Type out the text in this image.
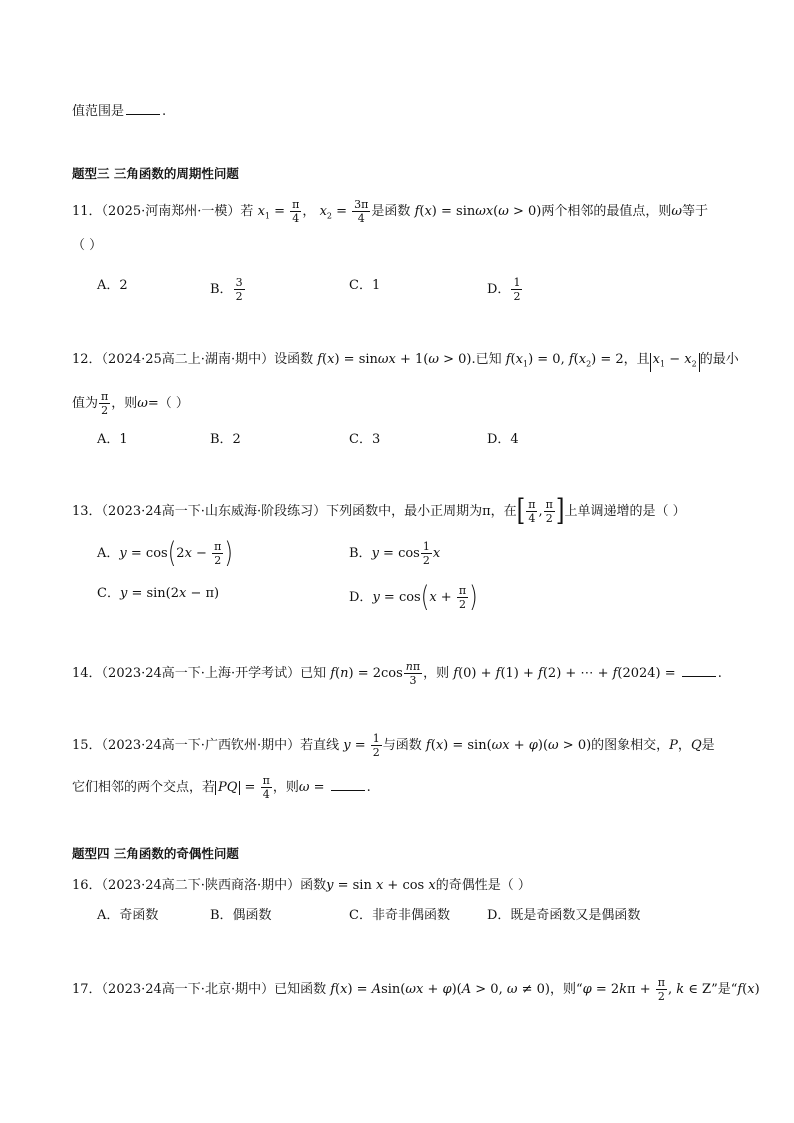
值范围是	.
题型三 三角函数的周期性问题
11．（2025·河南郑州·一模）若 $x_1 = \frac{\pi}{4}$ ， $x_2 = \frac{3\pi}{4}$ 是函数 f(x) = sinωx(ω > 0)两个相邻的最值点，则ω等于
（ ）
A．2	B． $\frac{3}{2}$	C．1	D． $\frac{1}{2}$
12．（2024·25高二上·湖南·期中）设函数 f(x) = sinωx + 1(ω > 0).已知 $f(x_1) = 0$, $f(x_2) = 2$，且 $x_1 - x_2$ 的最小
值为 $\frac{\pi}{2}$ ，则ω=（ ）
A．1	B．2	C．3	D．4
13．（2023·24高一下·山东威海·阶段练习）下列函数中，最小正周期为π，在[ $\frac{\pi}{4}$ , $\frac{\pi}{2}$ ]上单调递增的是（ ）
A．$y = \cos(2x - \frac{\pi}{2}$ )	B．$y = \cos \frac{1}{2}$ x
C．y = sin(2x − π)	D．$y = \cos(x + \frac{\pi}{2}$ )
14．（2023·24高一下·上海·开学考试）已知 $f(n) = 2\cos \frac{n\pi}{3}$ ，则 f(0) + f(1) + f(2) + ⋯ + f(2024) =	.
15．（2023·24高一下·广西钦州·期中）若直线 $y = \frac{1}{2}$ 与函数 f(x) = sin(ωx + φ)(ω > 0)的图象相交，P，Q是
它们相邻的两个交点，若 PQ = $\frac{\pi}{4}$ ，则ω =	.
题型四 三角函数的奇偶性问题
16．（2023·24高二下·陕西商洛·期中）函数y = sin x + cos x的奇偶性是（ ）
A．奇函数	B．偶函数	C．非奇非偶函数	D．既是奇函数又是偶函数
17．（2023·24高一下·北京·期中）已知函数 f(x) = Asin(ωx + φ)(A > 0, ω ≠ 0)，则“$\varphi = 2k\pi + \frac{\pi}{2}$ , k ∈ Z”是“f(x)
